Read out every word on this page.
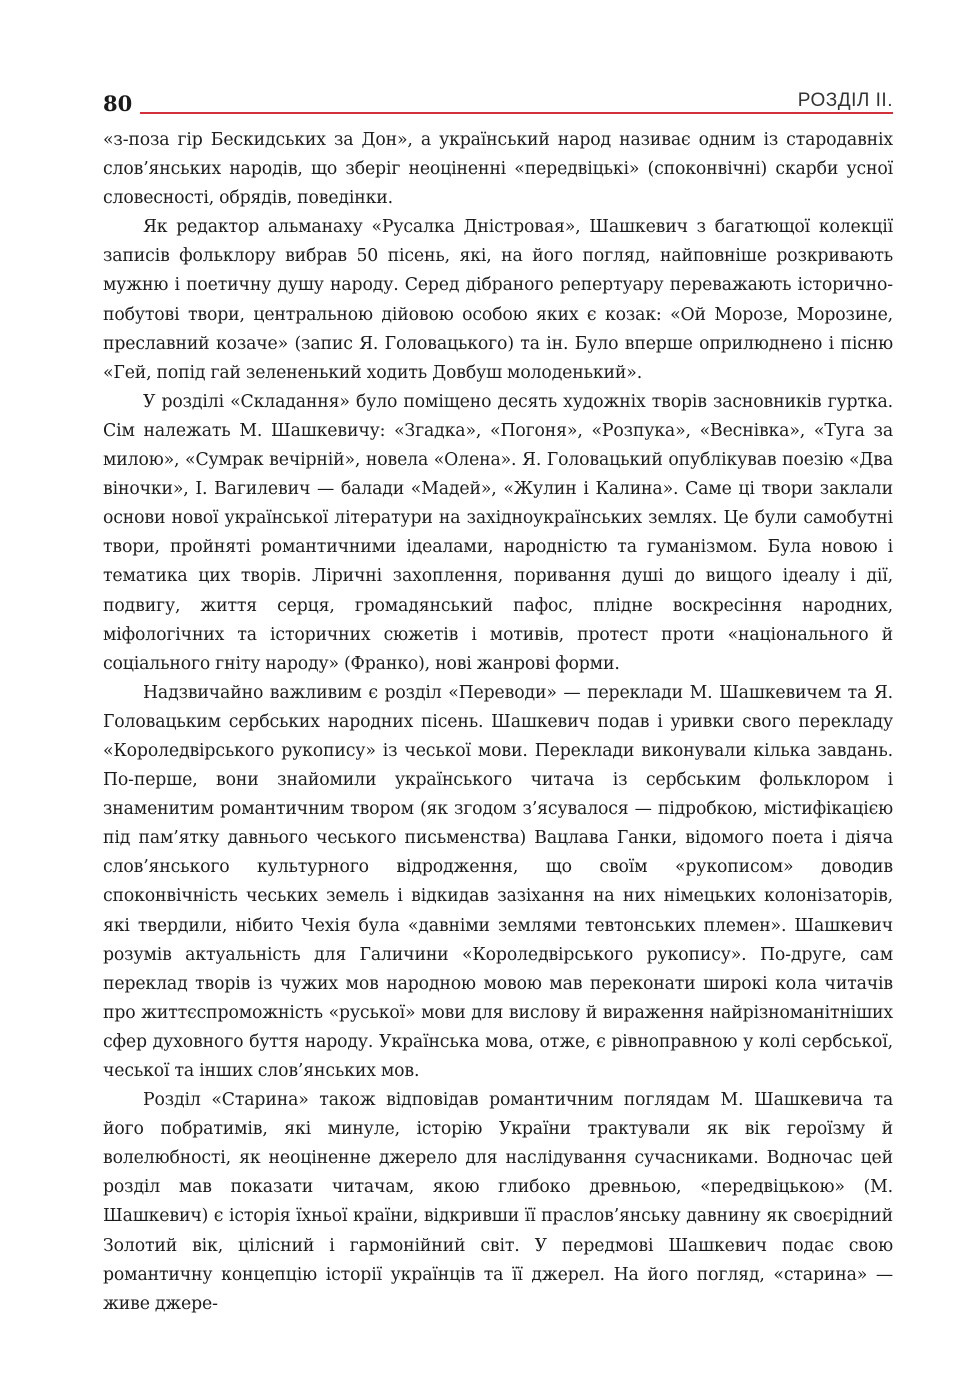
80	РОЗДІЛ ІІ.

«з-поза гір Бескидських за Дон», а український народ називає одним із стародавніх слов’янських народів, що зберіг неоціненні «передвіцькі» (споконвічні) скарби усної словесності, обрядів, поведінки.

Як редактор альманаху «Русалка Дністровая», Шашкевич з багатющої колекції записів фольклору вибрав 50 пісень, які, на його погляд, найповніше розкривають мужню і поетичну душу народу. Серед дібраного репертуару переважають історично-побутові твори, центральною дійовою особою яких є козак: «Ой Морозе, Морозине, преславний козаче» (запис Я. Головацького) та ін. Було вперше оприлюднено і пісню «Гей, попід гай зелененький ходить Довбуш молоденький».

У розділі «Складання» було поміщено десять художніх творів засновників гуртка. Сім належать М. Шашкевичу: «Згадка», «Погоня», «Розпука», «Веснівка», «Туга за милою», «Сумрак вечірній», новела «Олена». Я. Головацький опублікував поезію «Два віночки», І. Вагилевич — балади «Мадей», «Жулин і Калина». Саме ці твори заклали основи нової української літератури на західноукраїнських землях. Це були самобутні твори, пройняті романтичними ідеалами, народністю та гуманізмом. Була новою і тематика цих творів. Ліричні захоплення, поривання душі до вищого ідеалу і дії, подвигу, життя серця, громадянський пафос, плідне воскресіння народних, міфологічних та історичних сюжетів і мотивів, протест проти «національного й соціального гніту народу» (Франко), нові жанрові форми.

Надзвичайно важливим є розділ «Переводи» — переклади М. Шашкевичем та Я. Головацьким сербських народних пісень. Шашкевич подав і уривки свого перекладу «Короледвірського рукопису» із чеської мови. Переклади виконували кілька завдань. По-перше, вони знайомили українського читача із сербським фольклором і знаменитим романтичним твором (як згодом з’ясувалося — підробкою, містифікацією під пам’ятку давнього чеського письменства) Вацлава Ганки, відомого поета і діяча слов’янського культурного відродження, що своїм «рукописом» доводив споконвічність чеських земель і відкидав зазіхання на них німецьких колонізаторів, які твердили, нібито Чехія була «давніми землями тевтонських племен». Шашкевич розумів актуальність для Галичини «Короледвірського рукопису». По-друге, сам переклад творів із чужих мов народною мовою мав переконати широкі кола читачів про життєспроможність «руської» мови для вислову й вираження найрізноманітніших сфер духовного буття народу. Українська мова, отже, є рівноправною у колі сербської, чеської та інших слов’янських мов.

Розділ «Старина» також відповідав романтичним поглядам М. Шашкевича та його побратимів, які минуле, історію України трактували як вік героїзму й волелюбності, як неоціненне джерело для наслідування сучасниками. Водночас цей розділ мав показати читачам, якою глибоко древньою, «передвіцькою» (М. Шашкевич) є історія їхньої країни, відкривши її праслов’янську давнину як своєрідний Золотий вік, цілісний і гармонійний світ. У передмові Шашкевич подає свою романтичну концепцію історії українців та її джерел. На його погляд, «старина» — живе джере-
